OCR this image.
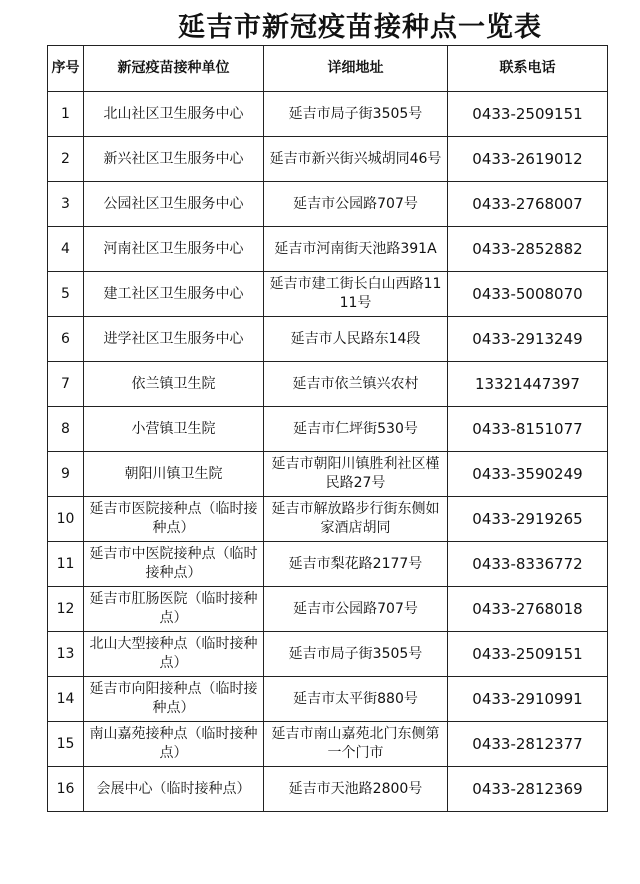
延吉市新冠疫苗接种点一览表
序号	新冠疫苗接种单位	详细地址	联系电话
1	北山社区卫生服务中心	延吉市局子街3505号	0433-2509151
2	新兴社区卫生服务中心	延吉市新兴街兴城胡同46号	0433-2619012
3	公园社区卫生服务中心	延吉市公园路707号	0433-2768007
4	河南社区卫生服务中心	延吉市河南街天池路391A	0433-2852882
5	建工社区卫生服务中心	延吉市建工街长白山西路1111号	0433-5008070
6	进学社区卫生服务中心	延吉市人民路东14段	0433-2913249
7	依兰镇卫生院	延吉市依兰镇兴农村	13321447397
8	小营镇卫生院	延吉市仁坪街530号	0433-8151077
9	朝阳川镇卫生院	延吉市朝阳川镇胜利社区槿民路27号	0433-3590249
10	延吉市医院接种点（临时接种点）	延吉市解放路步行街东侧如家酒店胡同	0433-2919265
11	延吉市中医院接种点（临时接种点）	延吉市梨花路2177号	0433-8336772
12	延吉市肛肠医院（临时接种点）	延吉市公园路707号	0433-2768018
13	北山大型接种点（临时接种点）	延吉市局子街3505号	0433-2509151
14	延吉市向阳接种点（临时接种点）	延吉市太平街880号	0433-2910991
15	南山嘉苑接种点（临时接种点）	延吉市南山嘉苑北门东侧第一个门市	0433-2812377
16	会展中心（临时接种点）	延吉市天池路2800号	0433-2812369
